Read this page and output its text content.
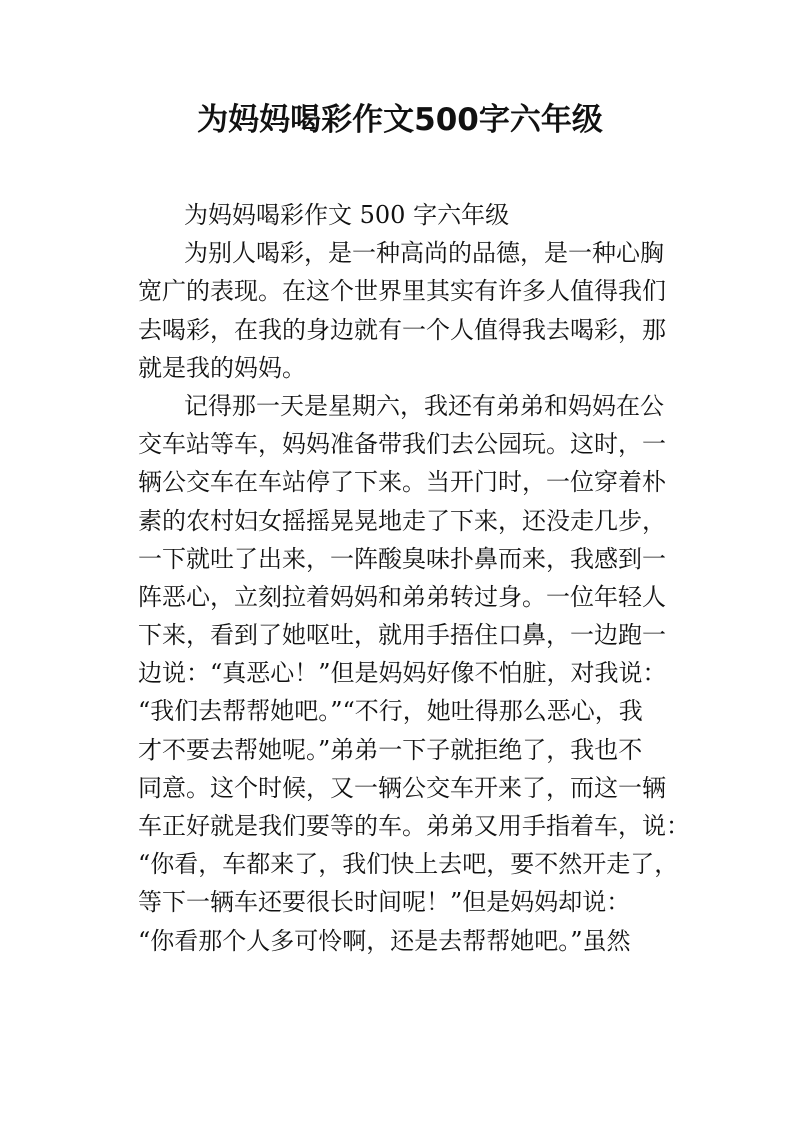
为妈妈喝彩作文500字六年级
为妈妈喝彩作文 500 字六年级
为别人喝彩，是一种高尚的品德，是一种心胸
宽广的表现。在这个世界里其实有许多人值得我们
去喝彩，在我的身边就有一个人值得我去喝彩，那
就是我的妈妈。
记得那一天是星期六，我还有弟弟和妈妈在公
交车站等车，妈妈准备带我们去公园玩。这时，一
辆公交车在车站停了下来。当开门时，一位穿着朴
素的农村妇女摇摇晃晃地走了下来，还没走几步，
一下就吐了出来，一阵酸臭味扑鼻而来，我感到一
阵恶心，立刻拉着妈妈和弟弟转过身。一位年轻人
下来，看到了她呕吐，就用手捂住口鼻，一边跑一
边说：“真恶心！”但是妈妈好像不怕脏，对我说：
“我们去帮帮她吧。”“不行，她吐得那么恶心，我
才不要去帮她呢。”弟弟一下子就拒绝了，我也不
同意。这个时候，又一辆公交车开来了，而这一辆
车正好就是我们要等的车。弟弟又用手指着车，说：
“你看，车都来了，我们快上去吧，要不然开走了，
等下一辆车还要很长时间呢！”但是妈妈却说：
“你看那个人多可怜啊，还是去帮帮她吧。”虽然
